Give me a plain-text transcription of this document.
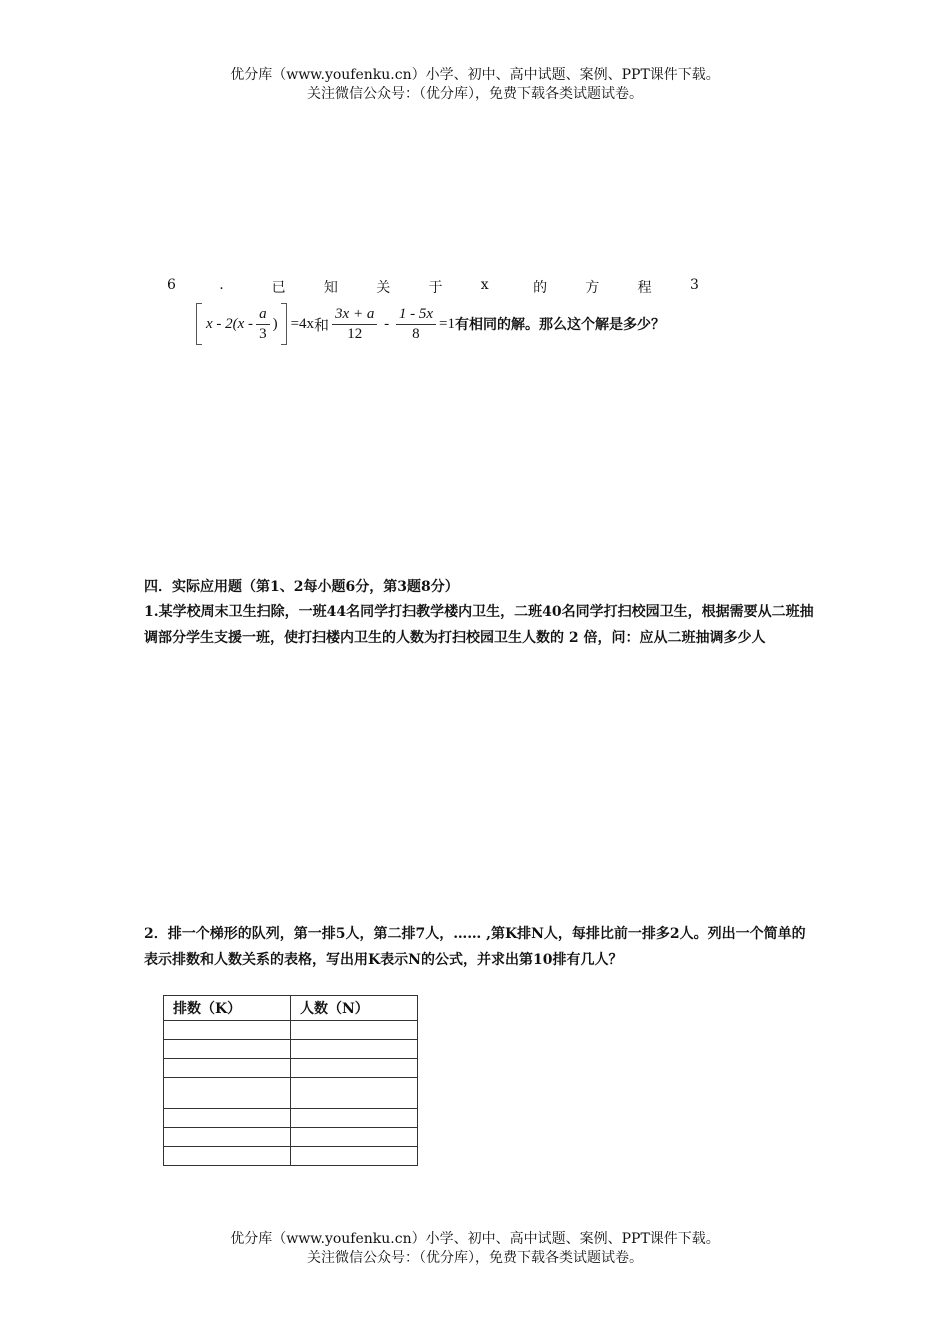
优分库（www.youfenku.cn）小学、初中、高中试题、案例、PPT课件下载。
关注微信公众号：（优分库），免费下载各类试题试卷。
6	.	已	知	关	于	x	的	方	程	3
x - $2(x - \frac{a}{3}$ ) =4x 和 $\frac{3x + a}{12} - \frac{1 - 5x}{8} =1$ 有相同的解。那么这个解是多少？
四．实际应用题（第1、2每小题6分，第3题8分）
1.某学校周末卫生扫除，一班44名同学打扫教学楼内卫生，二班40名同学打扫校园卫生，根据需要从二班抽调部分学生支援一班，使打扫楼内卫生的人数为打扫校园卫生人数的 2 倍，问：应从二班抽调多少人
2．排一个梯形的队列，第一排5人，第二排7人，…… ,第K排N人，每排比前一排多2人。列出一个简单的表示排数和人数关系的表格，写出用K表示N的公式，并求出第10排有几人？
排数（K）	人数（N）

优分库（www.youfenku.cn）小学、初中、高中试题、案例、PPT课件下载。
关注微信公众号：（优分库），免费下载各类试题试卷。
